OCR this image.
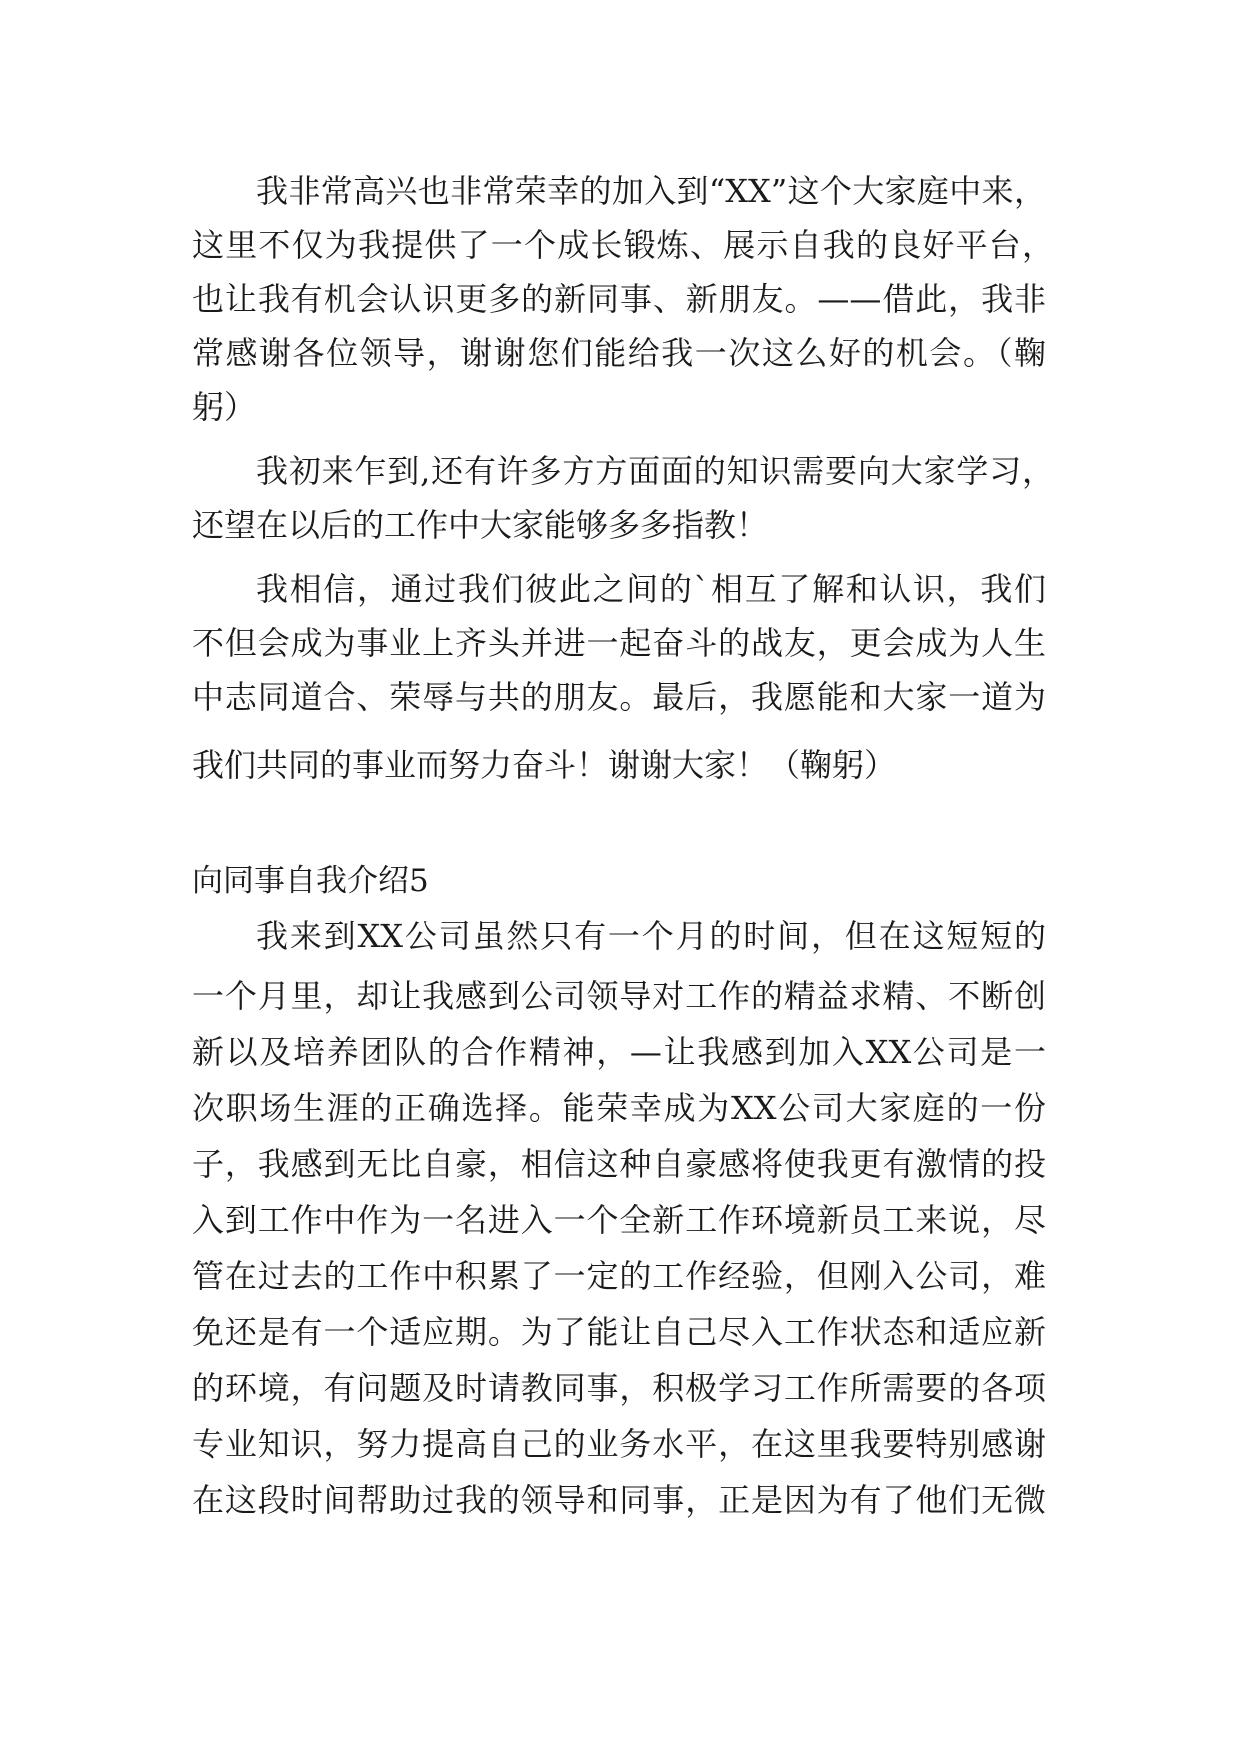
我非常高兴也非常荣幸的加入到“XX”这个大家庭中来，
这里不仅为我提供了一个成长锻炼、展示自我的良好平台，
也让我有机会认识更多的新同事、新朋友。——借此，我非
常感谢各位领导，谢谢您们能给我一次这么好的机会。（鞠
躬）
我初来乍到,还有许多方方面面的知识需要向大家学习，
还望在以后的工作中大家能够多多指教！
我相信，通过我们彼此之间的`相互了解和认识，我们
不但会成为事业上齐头并进一起奋斗的战友，更会成为人生
中志同道合、荣辱与共的朋友。最后，我愿能和大家一道为
我们共同的事业而努力奋斗！谢谢大家！（鞠躬）
向同事自我介绍5
我来到XX公司虽然只有一个月的时间，但在这短短的
一个月里，却让我感到公司领导对工作的精益求精、不断创
新以及培养团队的合作精神，—让我感到加入XX公司是一
次职场生涯的正确选择。能荣幸成为XX公司大家庭的一份
子，我感到无比自豪，相信这种自豪感将使我更有激情的投
入到工作中作为一名进入一个全新工作环境新员工来说，尽
管在过去的工作中积累了一定的工作经验，但刚入公司，难
免还是有一个适应期。为了能让自己尽入工作状态和适应新
的环境，有问题及时请教同事，积极学习工作所需要的各项
专业知识，努力提高自己的业务水平，在这里我要特别感谢
在这段时间帮助过我的领导和同事，正是因为有了他们无微
